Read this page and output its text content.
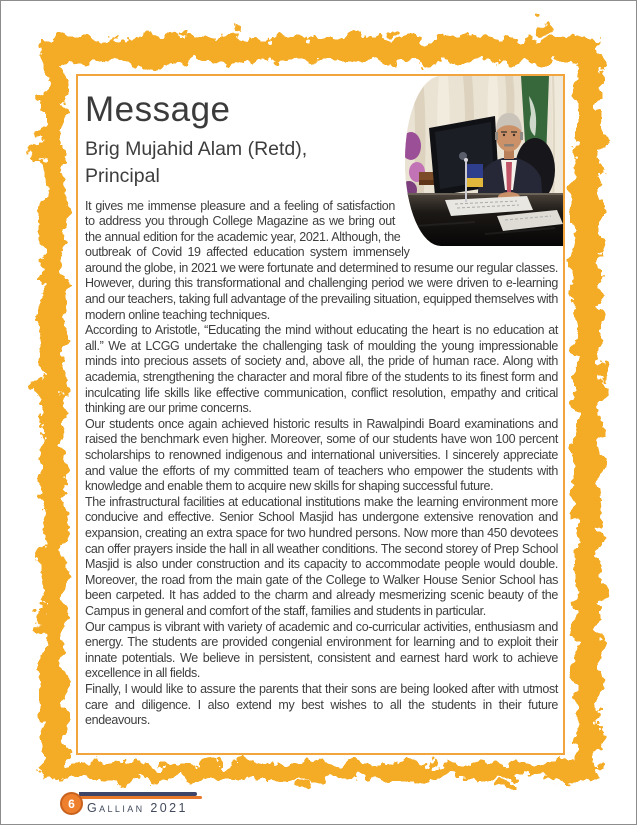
Message
Brig Mujahid Alam (Retd),
Principal

It gives me immense pleasure and a feeling of satisfaction to address you through College Magazine as we bring out the annual edition for the academic year, 2021. Although, the outbreak of Covid 19 affected education system immensely around the globe, in 2021 we were fortunate and determined to resume our regular classes. However, during this transformational and challenging period we were driven to e-learning and our teachers, taking full advantage of the prevailing situation, equipped themselves with modern online teaching techniques.

According to Aristotle, “Educating the mind without educating the heart is no education at all.” We at LCGG undertake the challenging task of moulding the young impressionable minds into precious assets of society and, above all, the pride of human race. Along with academia, strengthening the character and moral fibre of the students to its finest form and inculcating life skills like effective communication, conflict resolution, empathy and critical thinking are our prime concerns.

Our students once again achieved historic results in Rawalpindi Board examinations and raised the benchmark even higher. Moreover, some of our students have won 100 percent scholarships to renowned indigenous and international universities. I sincerely appreciate and value the efforts of my committed team of teachers who empower the students with knowledge and enable them to acquire new skills for shaping successful future.

The infrastructural facilities at educational institutions make the learning environment more conducive and effective. Senior School Masjid has undergone extensive renovation and expansion, creating an extra space for two hundred persons. Now more than 450 devotees can offer prayers inside the hall in all weather conditions. The second storey of Prep School Masjid is also under construction and its capacity to accommodate people would double. Moreover, the road from the main gate of the College to Walker House Senior School has been carpeted. It has added to the charm and already mesmerizing scenic beauty of the Campus in general and comfort of the staff, families and students in particular.

Our campus is vibrant with variety of academic and co-curricular activities, enthusiasm and energy. The students are provided congenial environment for learning and to exploit their innate potentials. We believe in persistent, consistent and earnest hard work to achieve excellence in all fields.

Finally, I would like to assure the parents that their sons are being looked after with utmost care and diligence. I also extend my best wishes to all the students in their future endeavours.

6 Gallian 2021
